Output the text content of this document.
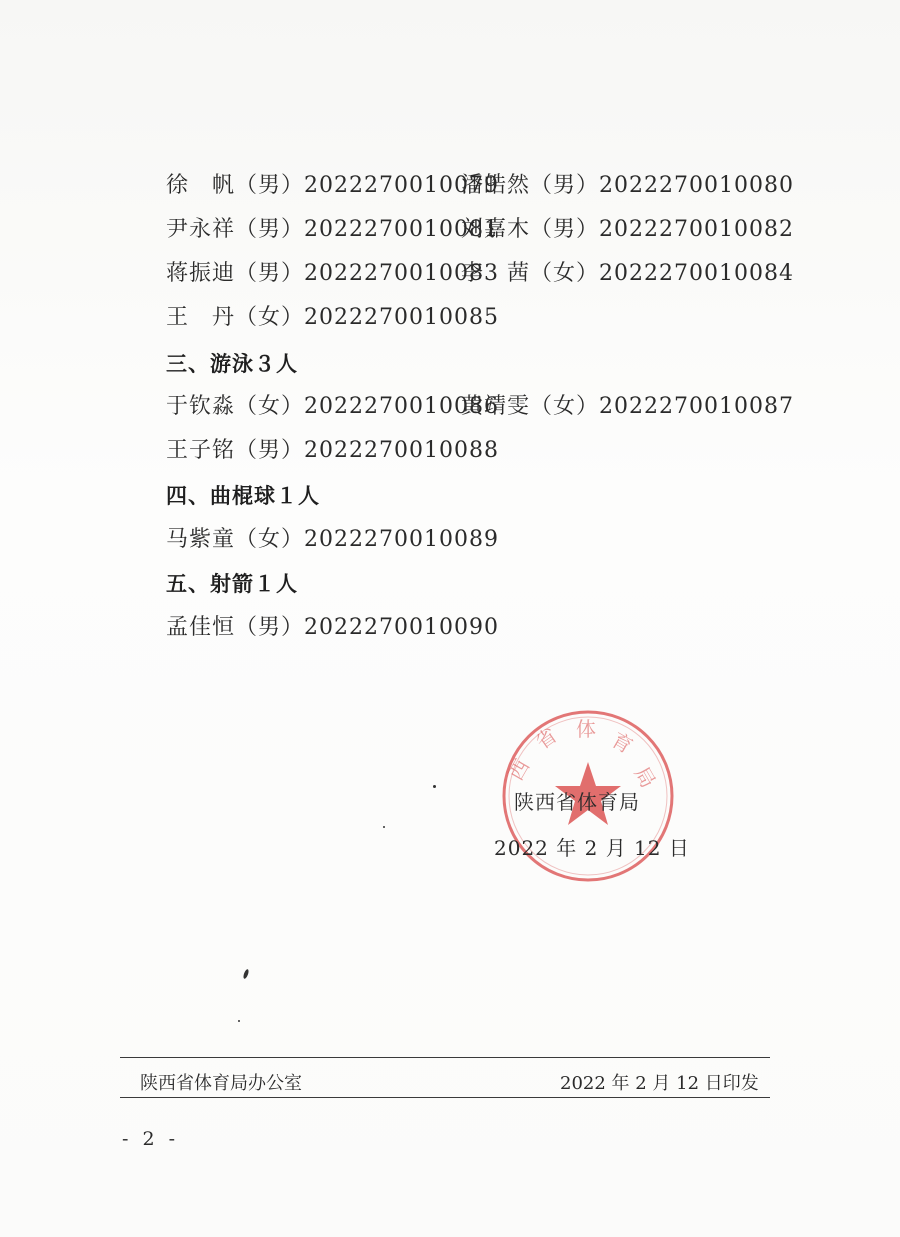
徐　帆（男）2022270010079潘皓然（男）2022270010080
尹永祥（男）2022270010081刘嘉木（男）2022270010082
蒋振迪（男）2022270010083李　茜（女）2022270010084
王　丹（女）2022270010085
三、游泳３人
于钦淼（女）2022270010086黄靖雯（女）2022270010087
王子铭（男）2022270010088
四、曲棍球１人
马紫童（女）2022270010089
五、射箭１人
孟佳恒（男）2022270010090
省 体 育
局
西
陕西省体育局
2022 年 2 月 12 日
陕西省体育局办公室	2022 年 2 月 12 日印发
- 2 -
